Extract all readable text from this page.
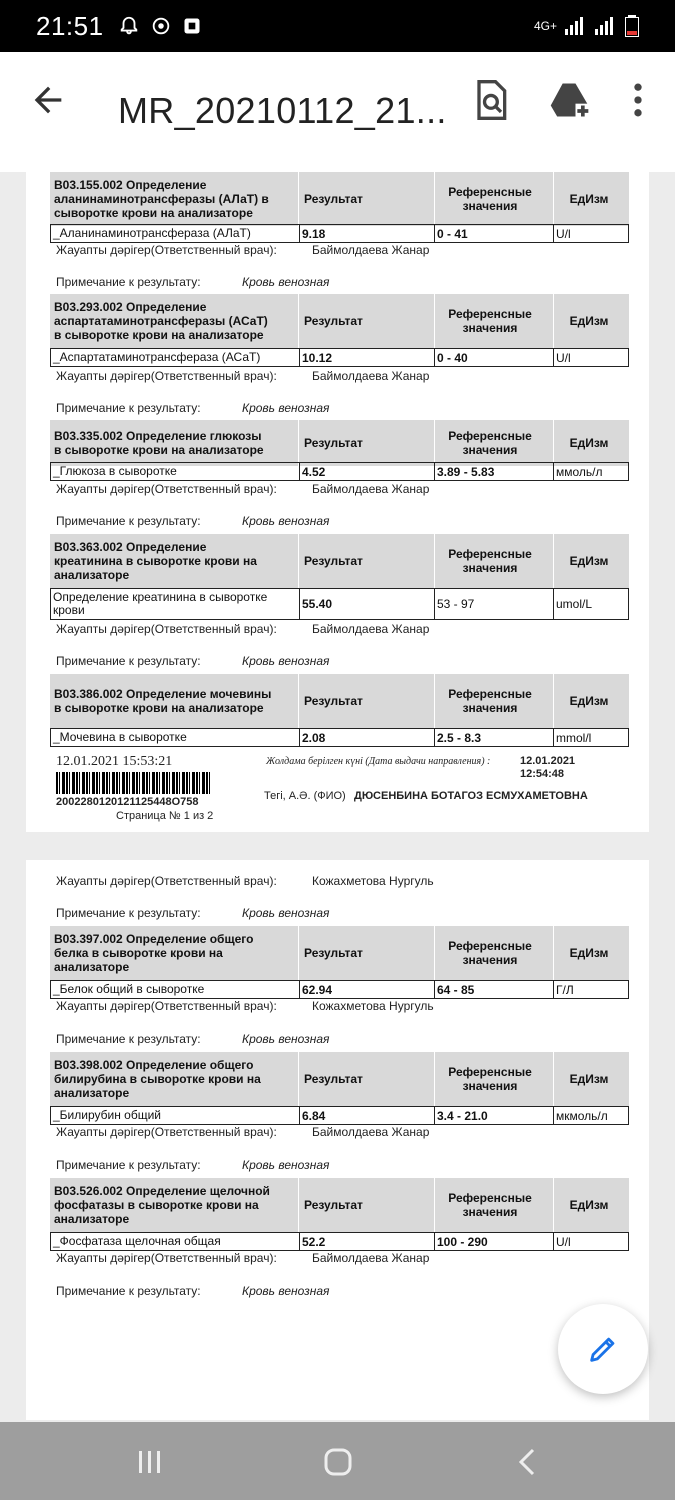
21:51	4G+
MR_20210112_21...
B03.155.002 Определение аланинаминотрансферазы (АЛаТ) в сыворотке крови на анализаторе
Результат	Референсные значения	ЕдИзм
_Аланинаминотрансфераза (АЛаТ)	9.18	0 - 41	U/l
Жауапты дәрігер(Ответственный врач):	Баймолдаева Жанар
Примечание к результату:	Кровь венозная
B03.293.002 Определение аспартатаминотрансферазы (АСаТ) в сыворотке крови на анализаторе
Результат	Референсные значения	ЕдИзм
_Аспартатаминотрансфераза (АСаТ)	10.12	0 - 40	U/l
Жауапты дәрігер(Ответственный врач):	Баймолдаева Жанар
Примечание к результату:	Кровь венозная
B03.335.002 Определение глюкозы в сыворотке крови на анализаторе	Результат	Референсные значения	ЕдИзм
_Глюкоза в сыворотке	4.52	3.89 - 5.83	ммоль/л
Жауапты дәрігер(Ответственный врач):	Баймолдаева Жанар
Примечание к результату:	Кровь венозная
B03.363.002 Определение креатинина в сыворотке крови на анализаторе
Результат	Референсные значения	ЕдИзм
Определение креатинина в сыворотке крови	55.40	53 - 97	umol/L
Жауапты дәрігер(Ответственный врач):	Баймолдаева Жанар
Примечание к результату:	Кровь венозная
B03.386.002 Определение мочевины в сыворотке крови на анализаторе	Результат	Референсные значения	ЕдИзм
_Мочевина в сыворотке	2.08	2.5 - 8.3	mmol/l
12.01.2021 15:53:21
2002280120121125448O758
Страница № 1 из 2
Жолдама берілген күні (Дата выдачи направления) :	12.01.2021
12:54:48
Тегі, А.Ә. (ФИО) ДЮСЕНБИНА БОТАГОЗ ЕСМУХАМЕТОВНА
Жауапты дәрігер(Ответственный врач):	Кожахметова Нургуль
Примечание к результату:	Кровь венозная
B03.397.002 Определение общего белка в сыворотке крови на анализаторе
Результат	Референсные значения	ЕдИзм
_Белок общий в сыворотке	62.94	64 - 85	Г/Л
Жауапты дәрігер(Ответственный врач):	Кожахметова Нургуль
Примечание к результату:	Кровь венозная
B03.398.002 Определение общего билирубина в сыворотке крови на анализаторе
Результат	Референсные значения	ЕдИзм
_Билирубин общий	6.84	3.4 - 21.0	мкмоль/л
Жауапты дәрігер(Ответственный врач):	Баймолдаева Жанар
Примечание к результату:	Кровь венозная
B03.526.002 Определение щелочной фосфатазы в сыворотке крови на анализаторе
Результат	Референсные значения	ЕдИзм
_Фосфатаза щелочная общая	52.2	100 - 290	U/l
Жауапты дәрігер(Ответственный врач):	Баймолдаева Жанар
Примечание к результату:	Кровь венозная
